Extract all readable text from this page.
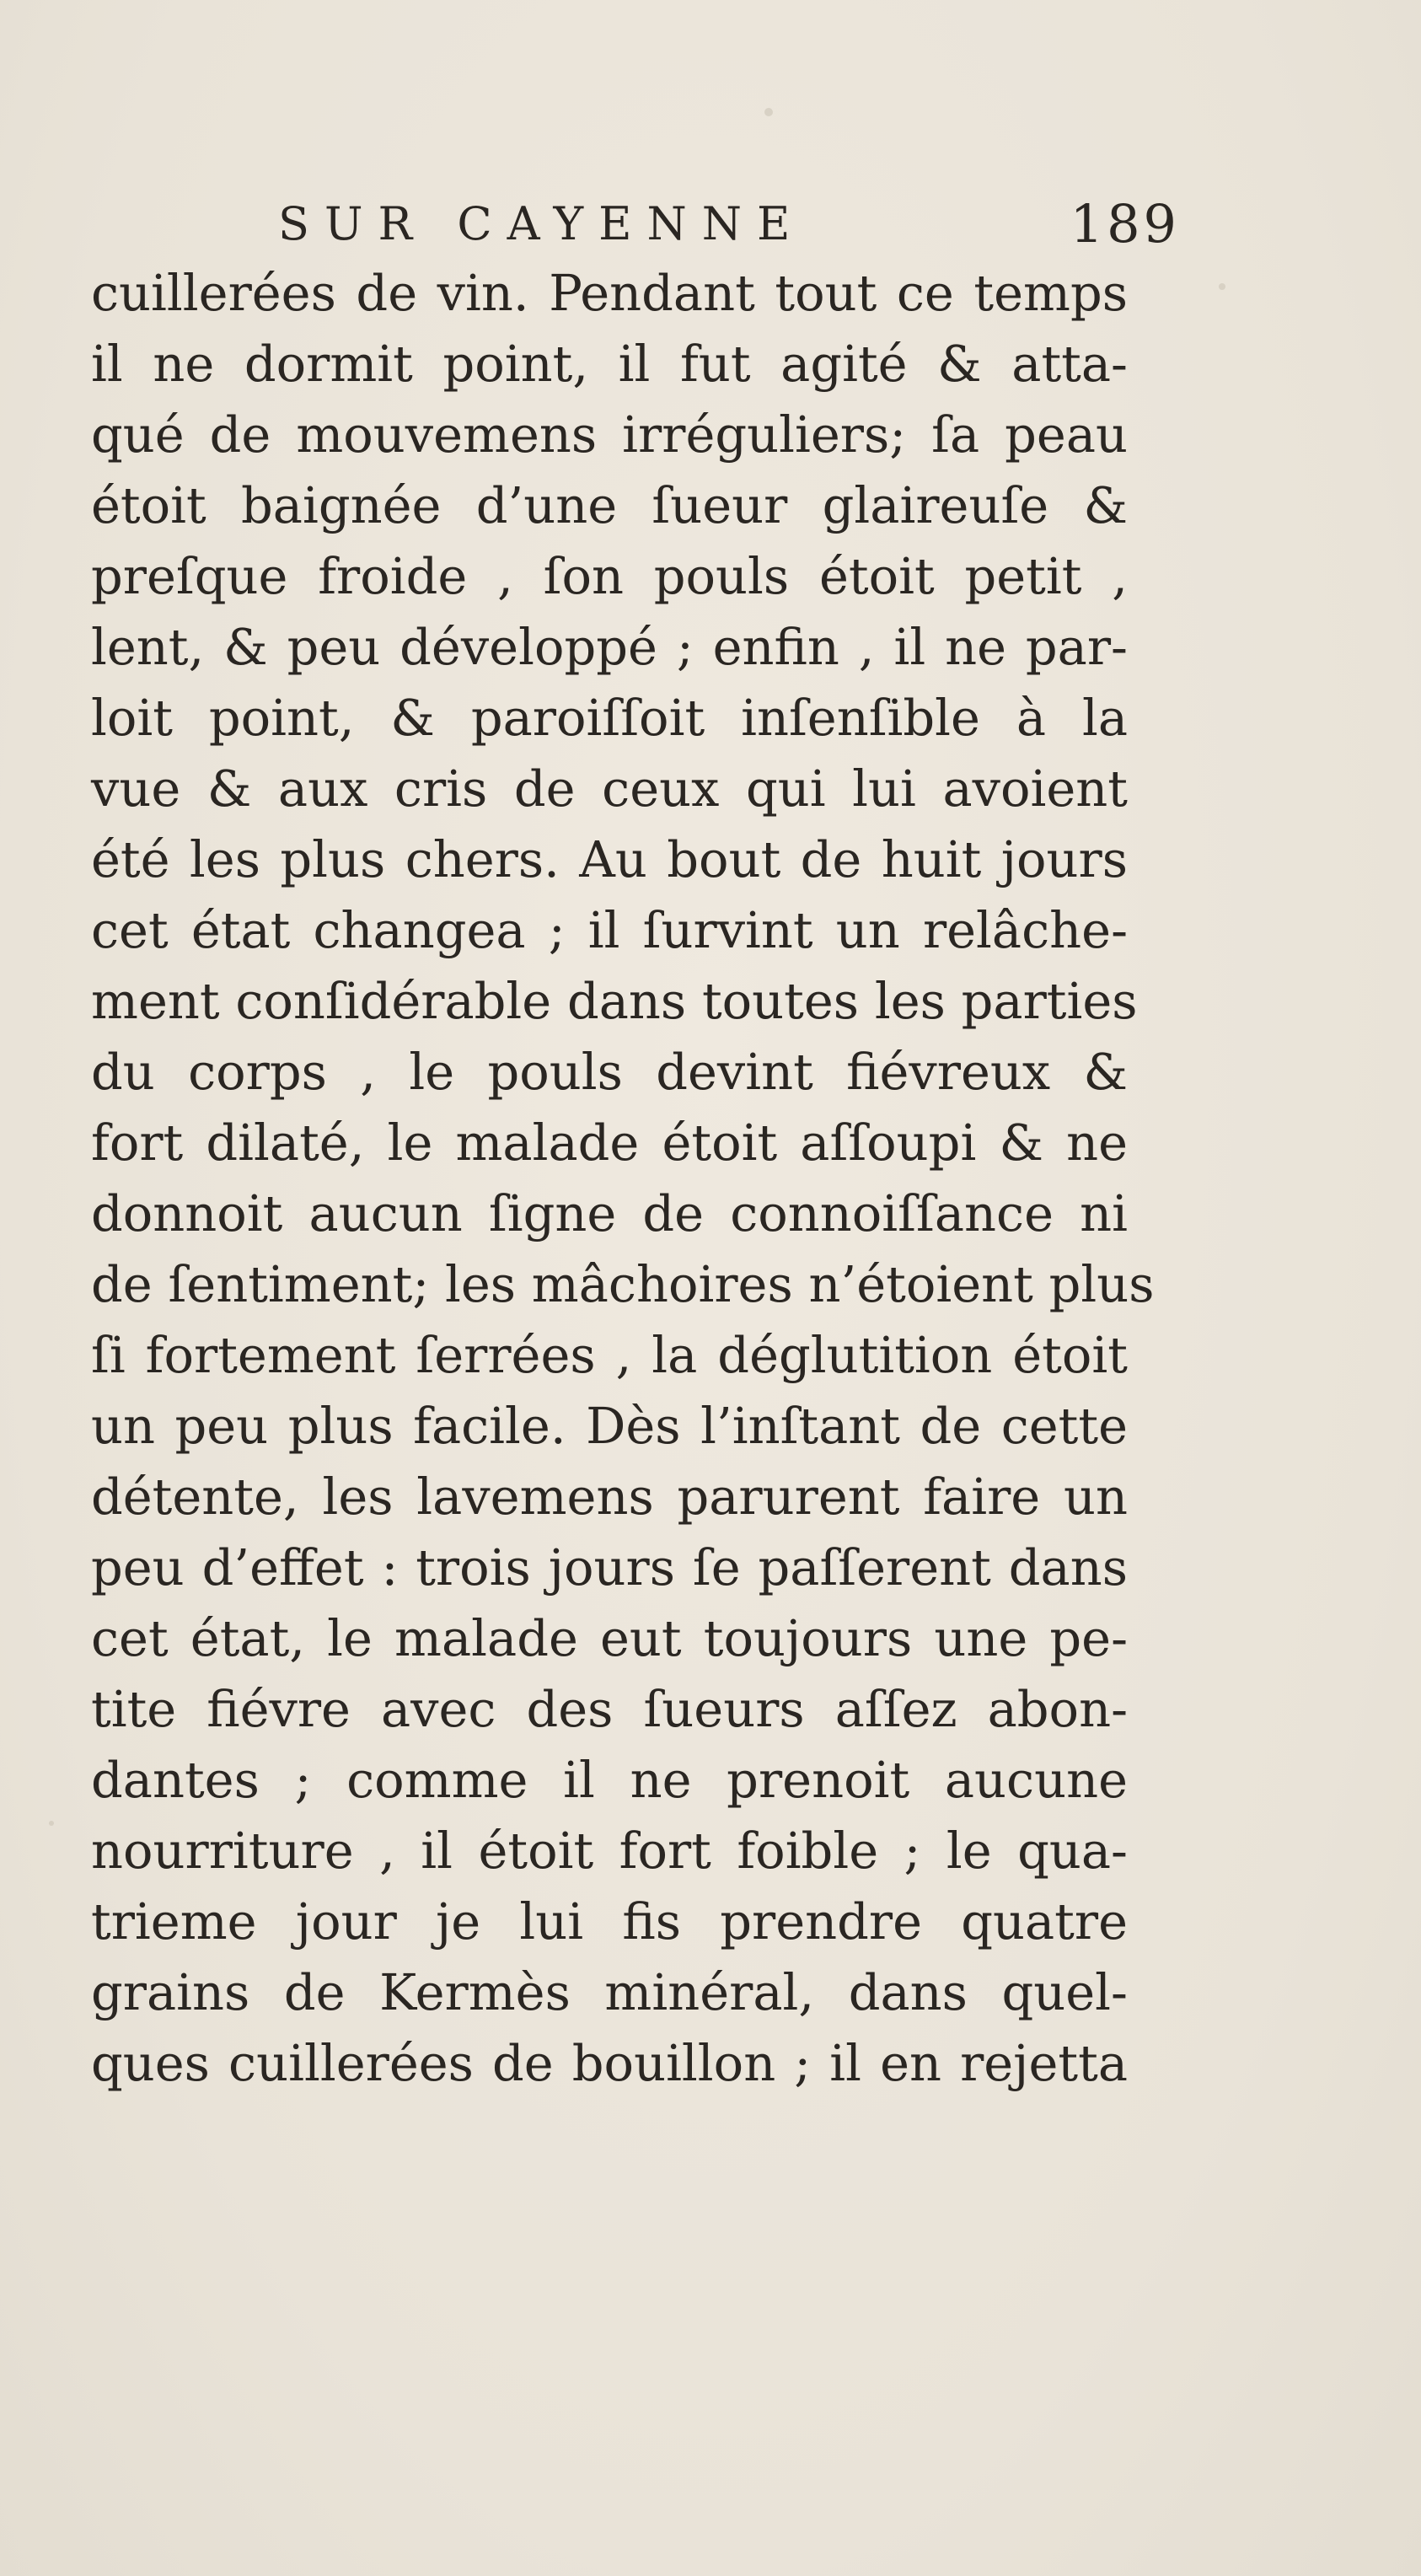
SUR CAYENNE	189
cuillerées de vin. Pendant tout ce temps
il ne dormit point, il fut agité & atta-
qué de mouvemens irréguliers; ſa peau
étoit baignée d’une ſueur glaireuſe &
preſque froide , ſon pouls étoit petit ,
lent, & peu développé ; enfin , il ne par-
loit point, & paroiſſoit inſenſible à la
vue & aux cris de ceux qui lui avoient
été les plus chers. Au bout de huit jours
cet état changea ; il ſurvint un relâche-
ment conſidérable dans toutes les parties
du corps , le pouls devint fiévreux &
fort dilaté, le malade étoit aſſoupi & ne
donnoit aucun ſigne de connoiſſance ni
de ſentiment; les mâchoires n’étoient plus
ſi fortement ſerrées , la déglutition étoit
un peu plus facile. Dès l’inſtant de cette
détente, les lavemens parurent faire un
peu d’effet : trois jours ſe paſſerent dans
cet état, le malade eut toujours une pe-
tite fiévre avec des ſueurs aſſez abon-
dantes ; comme il ne prenoit aucune
nourriture , il étoit fort foible ; le qua-
trieme jour je lui fis prendre quatre
grains de Kermès minéral, dans quel-
ques cuillerées de bouillon ; il en rejetta
